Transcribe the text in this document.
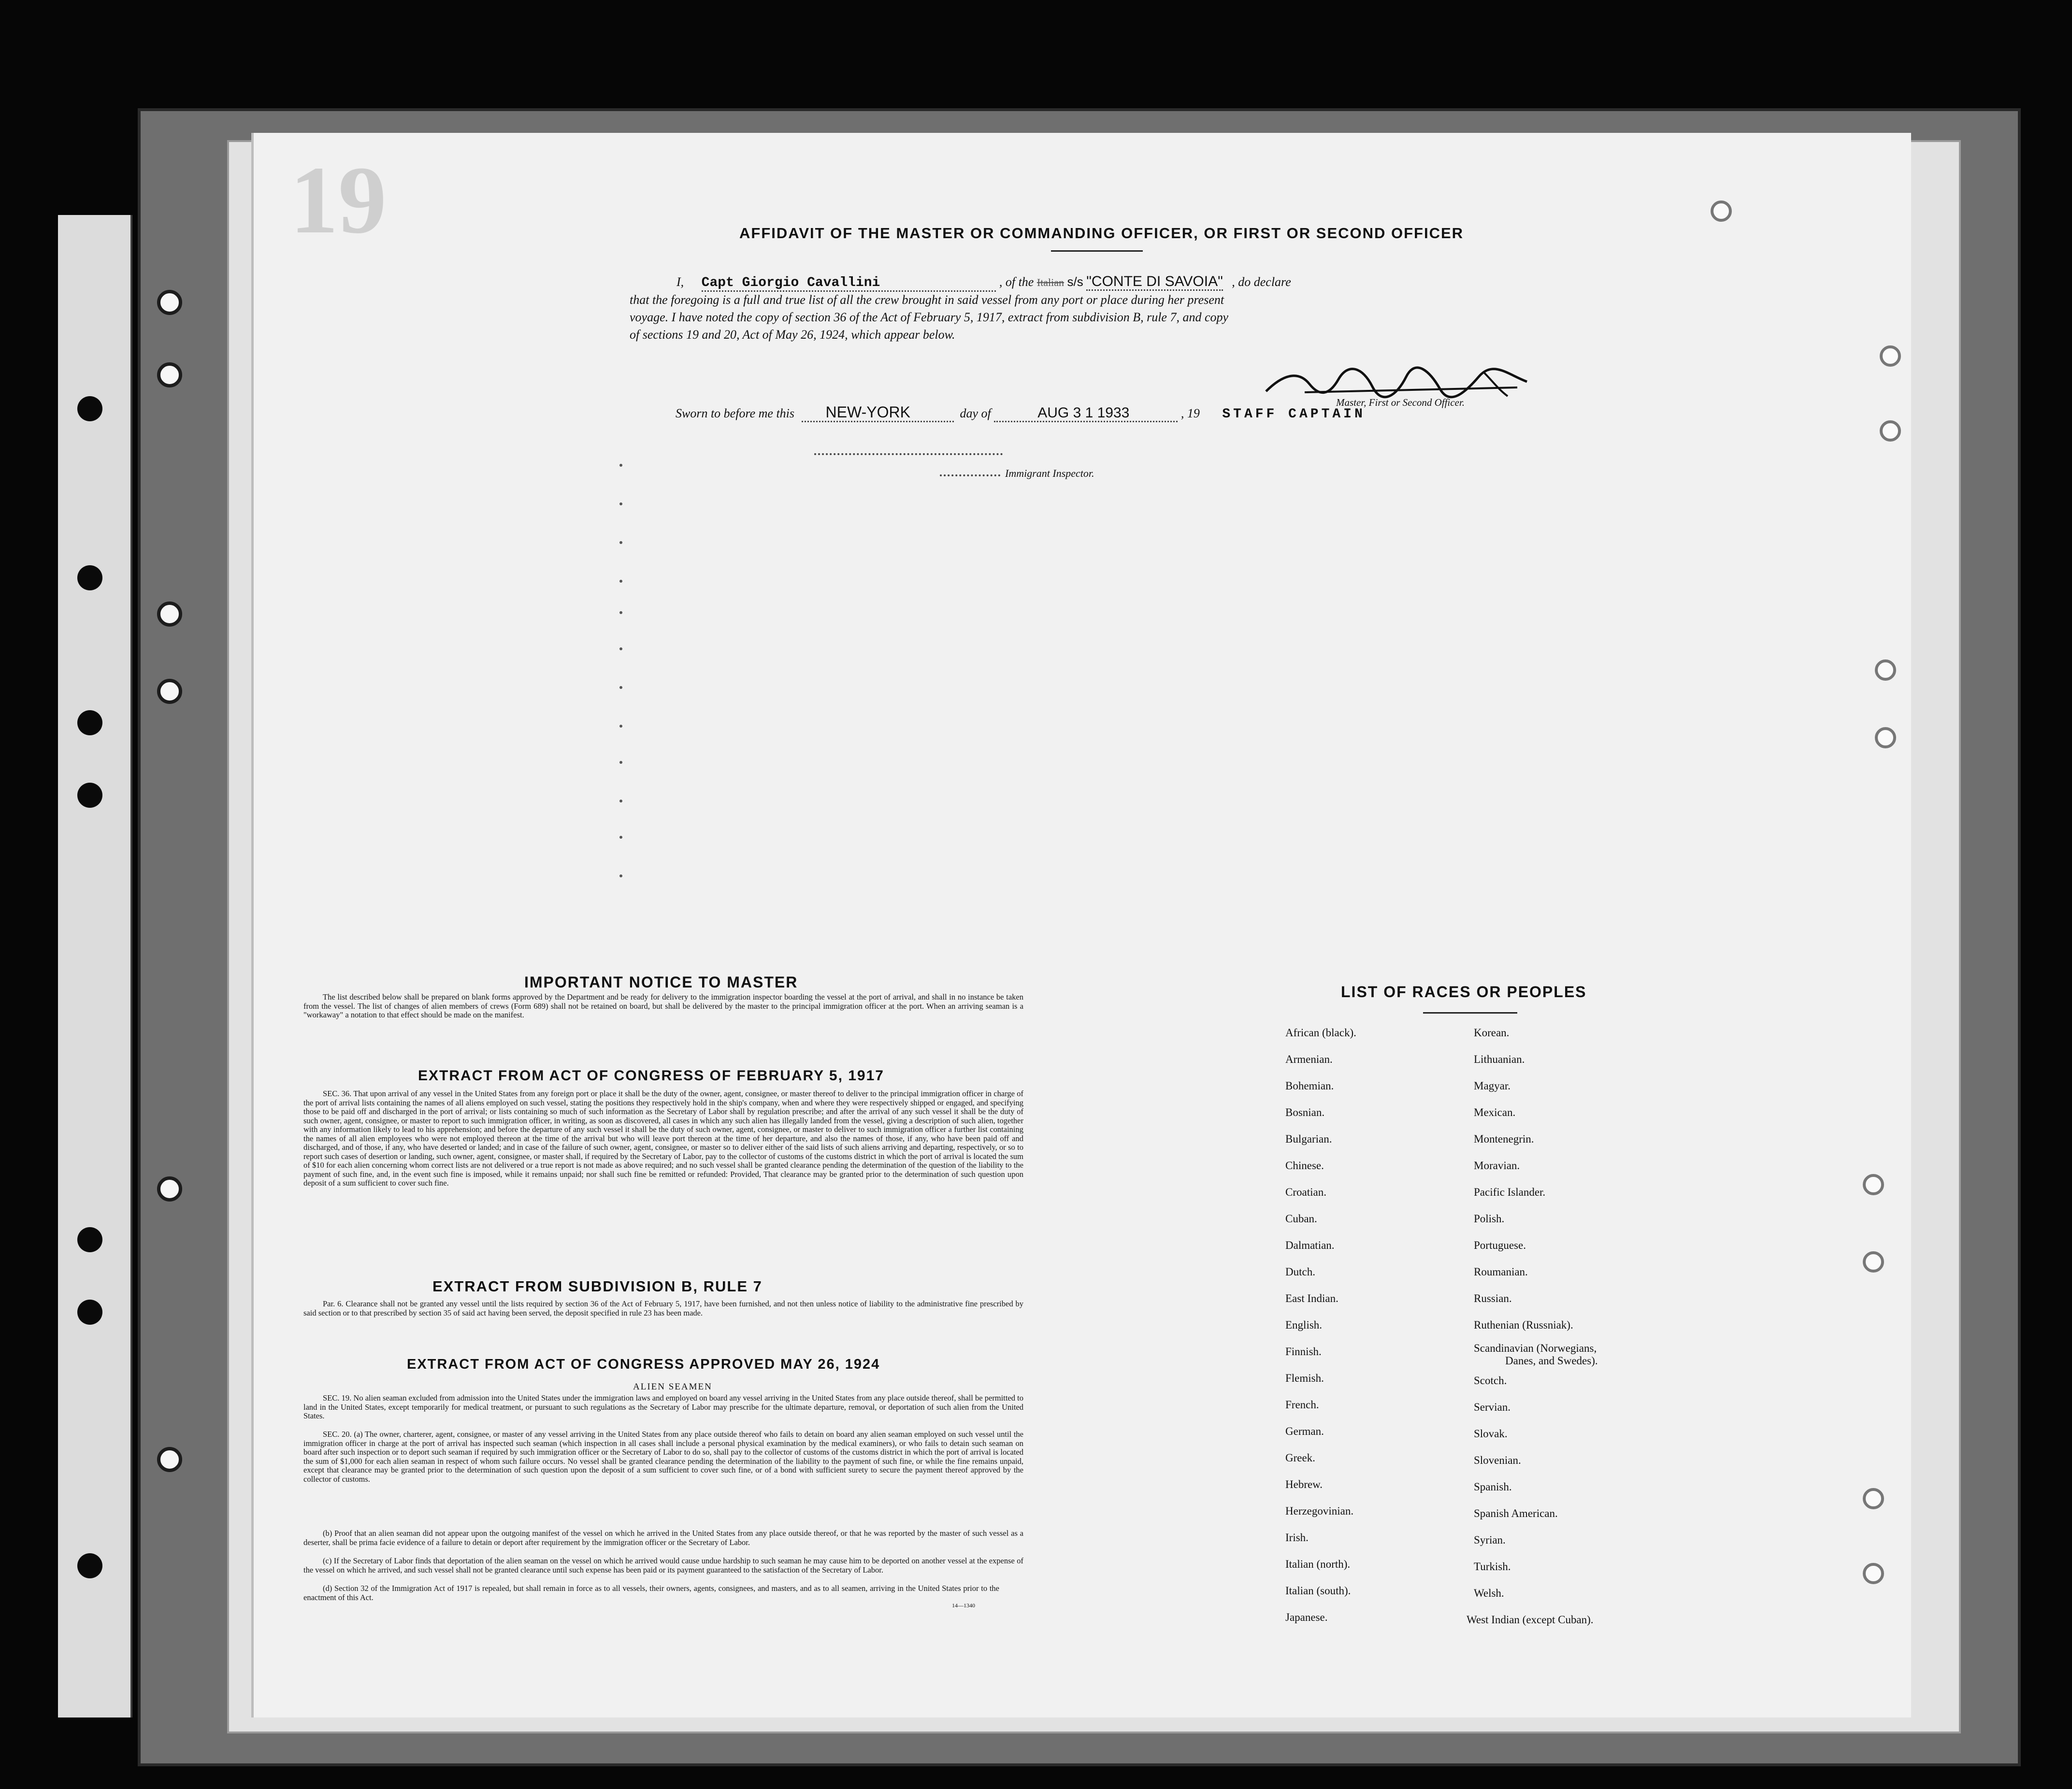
19	AFFIDAVIT OF THE MASTER OR COMMANDING OFFICER, OR FIRST OR SECOND OFFICER
I, Capt Giorgio Cavallini	, of the Italian s/s "CONTE DI SAVOIA" , do declare
that the foregoing is a full and true list of all the crew brought in said vessel from any port or place during her present
voyage. I have noted the copy of section 36 of the Act of February 5, 1917, extract from subdivision B, rule 7, and copy
of sections 19 and 20, Act of May 26, 1924, which appear below.
Master, First or Second Officer.
Sworn to before me this NEW-YORK	day of	AUG 3 1 1933	, 19 STAFF CAPTAIN
Immigrant Inspector.
IMPORTANT NOTICE TO MASTER
The list described below shall be prepared on blank forms approved by the Department and be ready for delivery to the immigration inspector boarding the vessel at the port of arrival, and shall in no instance be taken from the vessel. The list of changes of alien members of crews (Form 689) shall not be retained on board, but shall be delivered by the master to the principal immigration officer at the port. When an arriving seaman is a "workaway" a notation to that effect should be made on the manifest.
EXTRACT FROM ACT OF CONGRESS OF FEBRUARY 5, 1917
SEC. 36. That upon arrival of any vessel in the United States from any foreign port or place it shall be the duty of the owner, agent, consignee, or master thereof to deliver to the principal immigration officer in charge of the port of arrival lists containing the names of all aliens employed on such vessel, stating the positions they respectively hold in the ship's company, when and where they were respectively shipped or engaged, and specifying those to be paid off and discharged in the port of arrival; or lists containing so much of such information as the Secretary of Labor shall by regulation prescribe; and after the arrival of any such vessel it shall be the duty of such owner, agent, consignee, or master to report to such immigration officer, in writing, as soon as discovered, all cases in which any such alien has illegally landed from the vessel, giving a description of such alien, together with any information likely to lead to his apprehension; and before the departure of any such vessel it shall be the duty of such owner, agent, consignee, or master to deliver to such immigration officer a further list containing the names of all alien employees who were not employed thereon at the time of the arrival but who will leave port thereon at the time of her departure, and also the names of those, if any, who have been paid off and discharged, and of those, if any, who have deserted or landed; and in case of the failure of such owner, agent, consignee, or master so to deliver either of the said lists of such aliens arriving and departing, respectively, or so to report such cases of desertion or landing, such owner, agent, consignee, or master shall, if required by the Secretary of Labor, pay to the collector of customs of the customs district in which the port of arrival is located the sum of $10 for each alien concerning whom correct lists are not delivered or a true report is not made as above required; and no such vessel shall be granted clearance pending the determination of the question of the liability to the payment of such fine, and, in the event such fine is imposed, while it remains unpaid; nor shall such fine be remitted or refunded: Provided, That clearance may be granted prior to the determination of such question upon deposit of a sum sufficient to cover such fine.
EXTRACT FROM SUBDIVISION B, RULE 7
Par. 6. Clearance shall not be granted any vessel until the lists required by section 36 of the Act of February 5, 1917, have been furnished, and not then unless notice of liability to the administrative fine prescribed by said section or to that prescribed by section 35 of said act having been served, the deposit specified in rule 23 has been made.
EXTRACT FROM ACT OF CONGRESS APPROVED MAY 26, 1924
ALIEN SEAMEN
SEC. 19. No alien seaman excluded from admission into the United States under the immigration laws and employed on board any vessel arriving in the United States from any place outside thereof, shall be permitted to land in the United States, except temporarily for medical treatment, or pursuant to such regulations as the Secretary of Labor may prescribe for the ultimate departure, removal, or deportation of such alien from the United States.
SEC. 20. (a) The owner, charterer, agent, consignee, or master of any vessel arriving in the United States from any place outside thereof who fails to detain on board any alien seaman employed on such vessel until the immigration officer in charge at the port of arrival has inspected such seaman (which inspection in all cases shall include a personal physical examination by the medical examiners), or who fails to detain such seaman on board after such inspection or to deport such seaman if required by such immigration officer or the Secretary of Labor to do so, shall pay to the collector of customs of the customs district in which the port of arrival is located the sum of $1,000 for each alien seaman in respect of whom such failure occurs. No vessel shall be granted clearance pending the determination of the liability to the payment of such fine, or while the fine remains unpaid, except that clearance may be granted prior to the determination of such question upon the deposit of a sum sufficient to cover such fine, or of a bond with sufficient surety to secure the payment thereof approved by the collector of customs.
(b) Proof that an alien seaman did not appear upon the outgoing manifest of the vessel on which he arrived in the United States from any place outside thereof, or that he was reported by the master of such vessel as a deserter, shall be prima facie evidence of a failure to detain or deport after requirement by the immigration officer or the Secretary of Labor.
(c) If the Secretary of Labor finds that deportation of the alien seaman on the vessel on which he arrived would cause undue hardship to such seaman he may cause him to be deported on another vessel at the expense of the vessel on which he arrived, and such vessel shall not be granted clearance until such expense has been paid or its payment guaranteed to the satisfaction of the Secretary of Labor.
(d) Section 32 of the Immigration Act of 1917 is repealed, but shall remain in force as to all vessels, their owners, agents, consignees, and masters, and as to all seamen, arriving in the United States prior to the enactment of this Act.
14—1340
LIST OF RACES OR PEOPLES
African (black).
Armenian.
Bohemian.
Bosnian.
Bulgarian.
Chinese.
Croatian.
Cuban.
Dalmatian.
Dutch.
East Indian.
English.
Finnish.
Flemish.
French.
German.
Greek.
Hebrew.
Herzegovinian.
Irish.
Italian (north).
Italian (south).
Japanese.
Korean.
Lithuanian.
Magyar.
Mexican.
Montenegrin.
Moravian.
Pacific Islander.
Polish.
Portuguese.
Roumanian.
Russian.
Ruthenian (Russniak).
Scandinavian (Norwegians,
Danes, and Swedes).
Scotch.
Servian.
Slovak.
Slovenian.
Spanish.
Spanish American.
Syrian.
Turkish.
Welsh.
West Indian (except Cuban).
